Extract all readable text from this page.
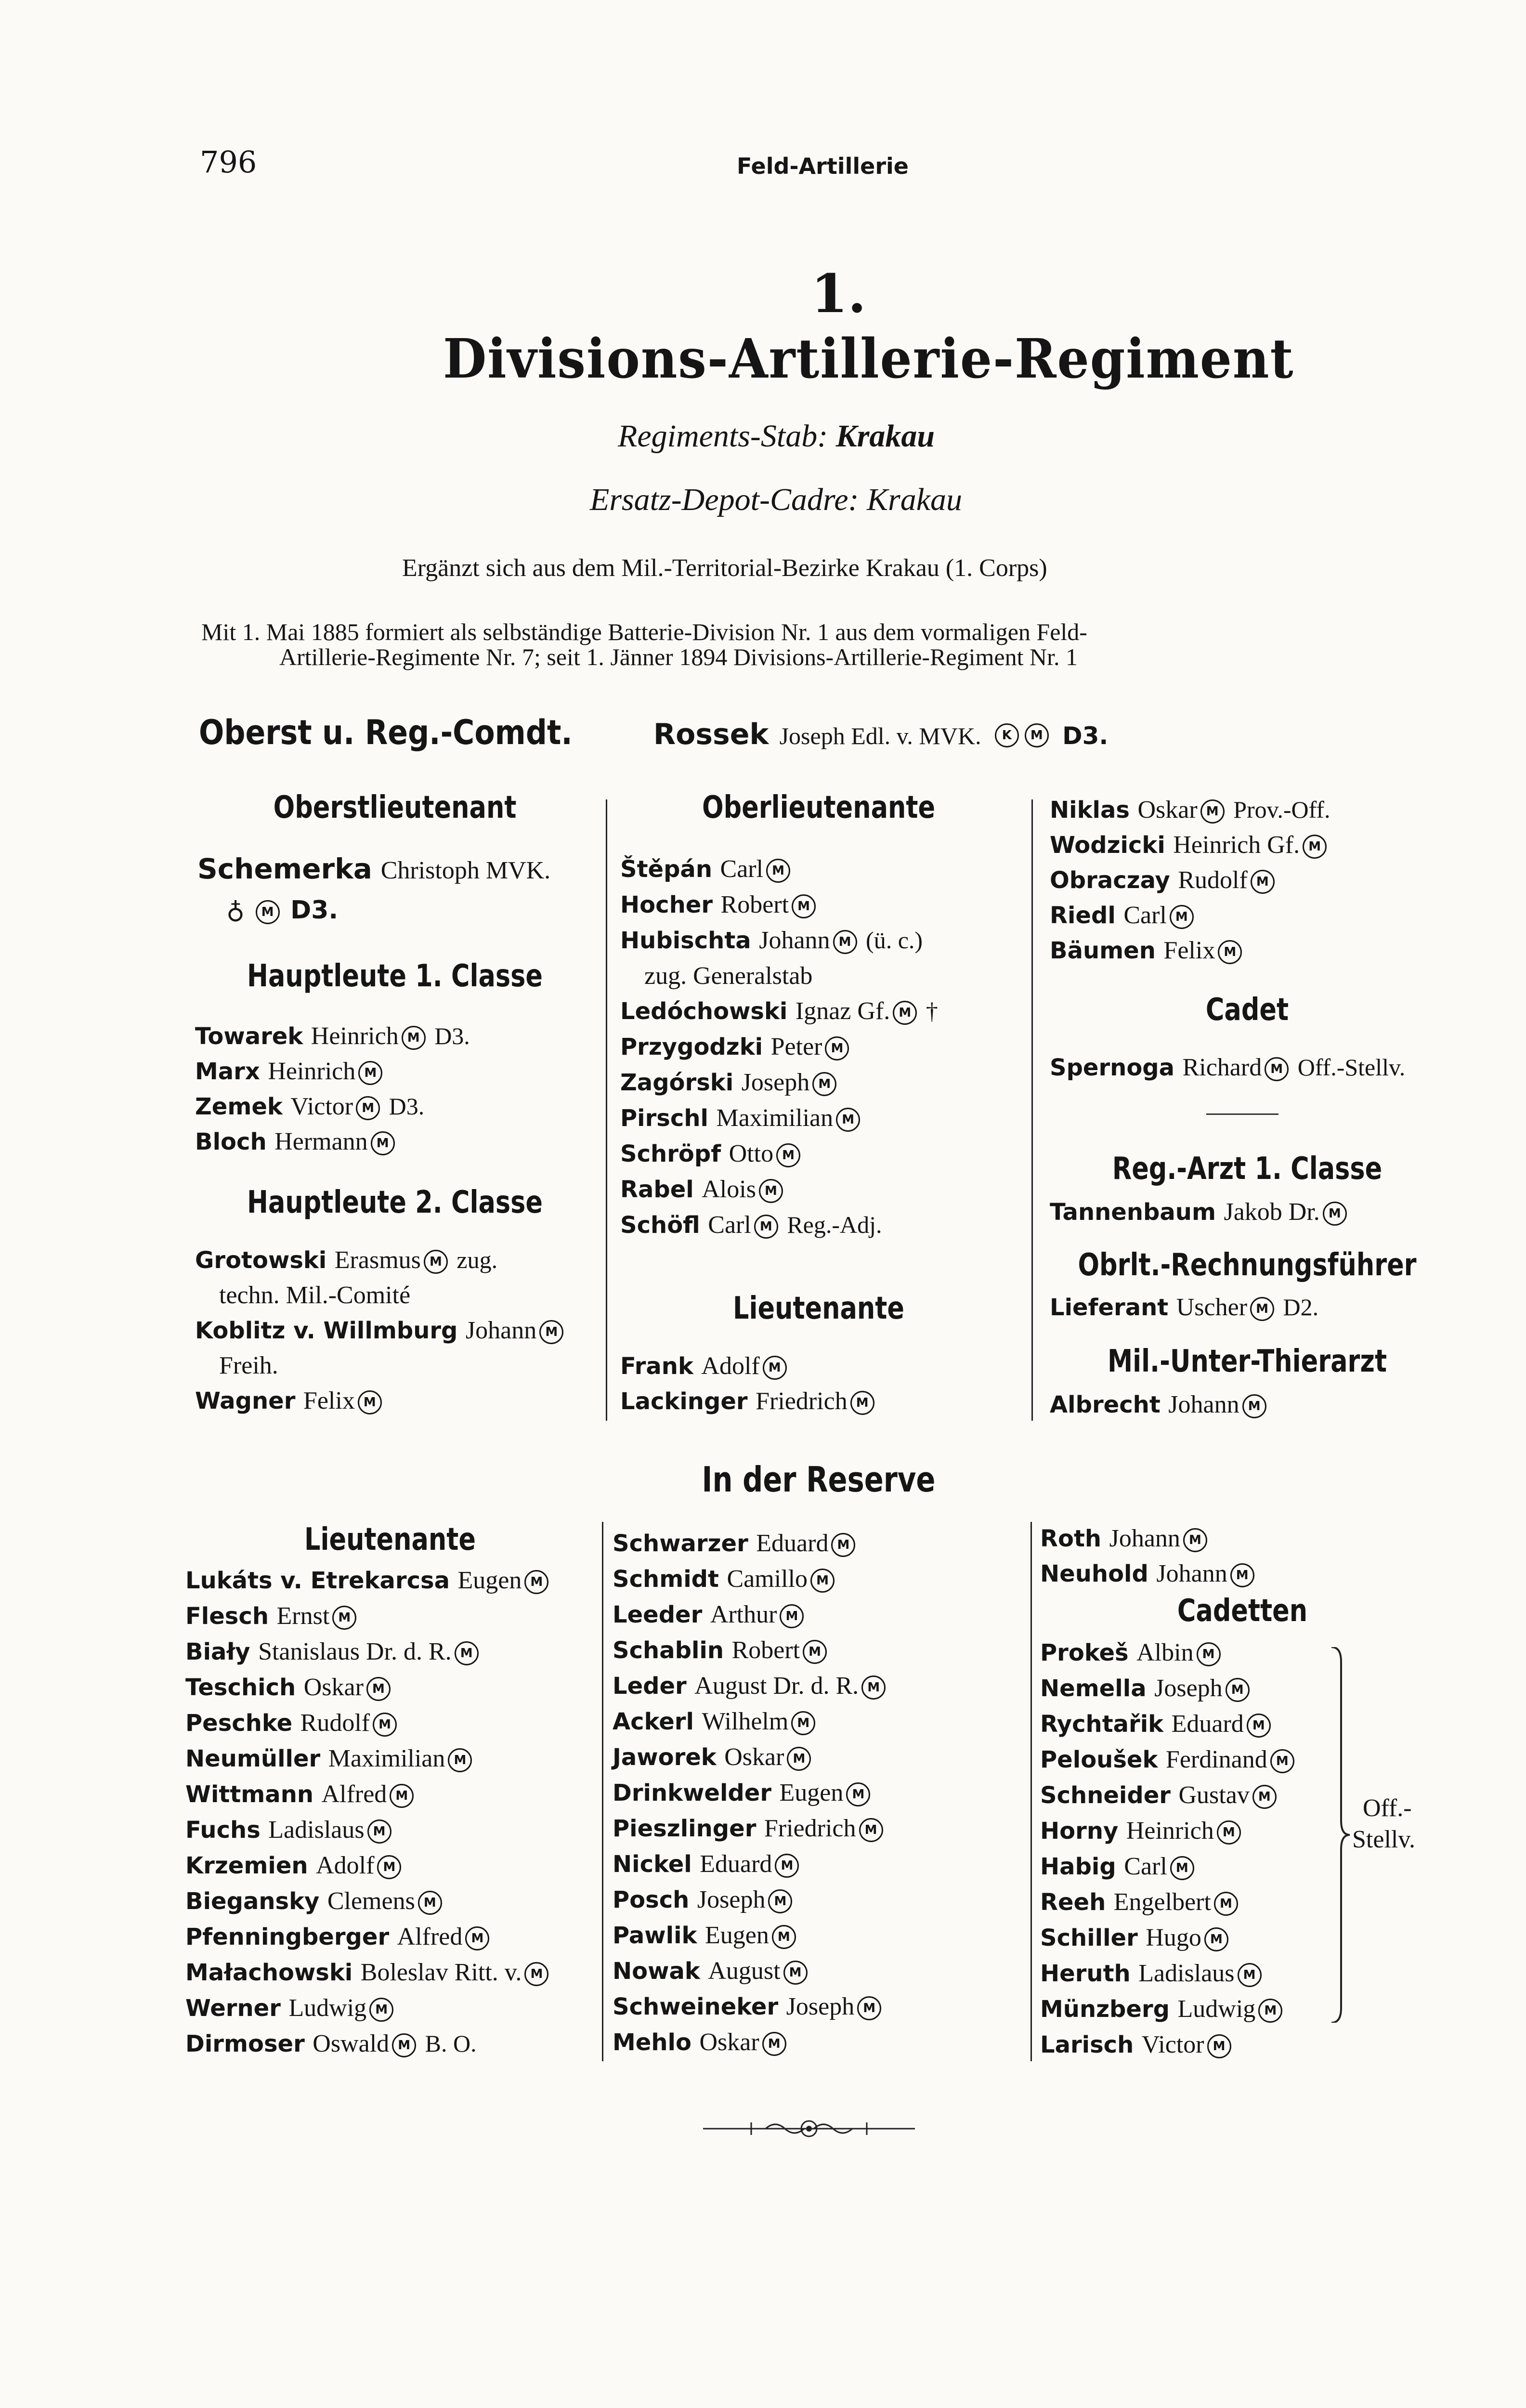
796	Feld-Artillerie
1.
Divisions-Artillerie-Regiment
Regiments-Stab: Krakau
Ersatz-Depot-Cadre: Krakau
Ergänzt sich aus dem Mil.-Territorial-Bezirke Krakau (1. Corps)
Mit 1. Mai 1885 formiert als selbständige Batterie-Division Nr. 1 aus dem vormaligen Feld-
Artillerie-Regimente Nr. 7; seit 1. Jänner 1894 Divisions-Artillerie-Regiment Nr. 1
Oberst u. Reg.-Comdt.	Rossek Joseph Edl. v. MVK. K M D3.
Oberstlieutenant
Schemerka Christoph MVK.
♁ M D3.
Hauptleute 1. Classe
Towarek Heinrich M D3.
Marx Heinrich M
Zemek Victor M D3.
Bloch Hermann M
Hauptleute 2. Classe
Grotowski Erasmus M zug.
techn. Mil.-Comité
Koblitz v. Willmburg Johann M
Freih.
Wagner Felix M
Oberlieutenante
Štěpán Carl M
Hocher Robert M
Hubischta Johann M (ü. c.)
zug. Generalstab
Ledóchowski Ignaz Gf. M †
Przygodzki Peter M
Zagórski Joseph M
Pirschl Maximilian M
Schröpf Otto M
Rabel Alois M
Schöfl Carl M Reg.-Adj.
Lieutenante
Frank Adolf M
Lackinger Friedrich M
Niklas Oskar M Prov.-Off.
Wodzicki Heinrich Gf. M
Obraczay Rudolf M
Riedl Carl M
Bäumen Felix M
Cadet
Spernoga Richard M Off.-Stellv.
Reg.-Arzt 1. Classe
Tannenbaum Jakob Dr. M
Obrlt.-Rechnungsführer
Lieferant Uscher M D2.
Mil.-Unter-Thierarzt
Albrecht Johann M
In der Reserve
Lieutenante
Lukáts v. Etrekarcsa Eugen M
Flesch Ernst M
Biały Stanislaus Dr. d. R. M
Teschich Oskar M
Peschke Rudolf M
Neumüller Maximilian M
Wittmann Alfred M
Fuchs Ladislaus M
Krzemien Adolf M
Biegansky Clemens M
Pfenningberger Alfred M
Małachowski Boleslav Ritt. v. M
Werner Ludwig M
Dirmoser Oswald M B. O.
Schwarzer Eduard M
Schmidt Camillo M
Leeder Arthur M
Schablin Robert M
Leder August Dr. d. R. M
Ackerl Wilhelm M
Jaworek Oskar M
Drinkwelder Eugen M
Pieszlinger Friedrich M
Nickel Eduard M
Posch Joseph M
Pawlik Eugen M
Nowak August M
Schweineker Joseph M
Mehlo Oskar M
Roth Johann M
Neuhold Johann M
Cadetten
Prokeš Albin M
Nemella Joseph M
Rychtařik Eduard M
Peloušek Ferdinand M
Schneider Gustav M
Horny Heinrich M
Habig Carl M
Reeh Engelbert M
Schiller Hugo M
Heruth Ladislaus M
Münzberg Ludwig M
Larisch Victor M
Off.-
Stellv.
